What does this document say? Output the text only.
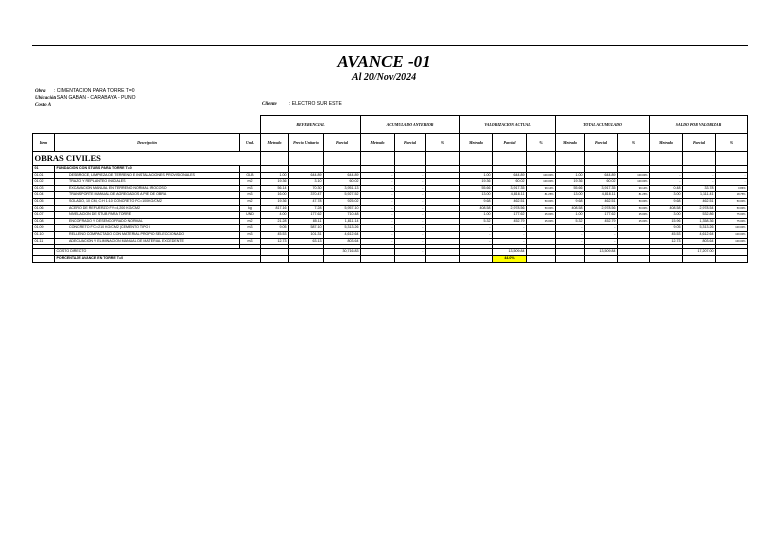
AVANCE -01
Al 20/Nov/2024
Obra : CIMENTACION PARA TORRE T=0
Ubicación: SAN GABAN - CARABAYA - PUNO
Costo A	Cliente : ELECTRO SUR ESTE
			REFERENCIAL			ACUMULADO ANTERIOR			VALORIZACION ACTUAL			TOTAL ACUMULADO			SALDO POR VALORIZAR		
Item	Descripción	Und.	Metrado	Precio Unitario	Parcial	Metrado	Parcial	%	Metrado	Parcial	%	Metrado	Parcial	%	Metrado	Parcial	%
OBRAS CIVILES																	
01	FUNDACIÓN CON STUBS PARA TORRE T=0																
01.01	DESBROCE, LIMPIEZA DE TERRENO E INSTALACIONES PROVISIONALES	GLB	1.00	644.89	644.89	-	-		1.00	644.89	100.00%	1.00	644.89	100.00%	-	-	-
01.02	TRAZO Y REPLANTEO INICIALES	m2	19.36	3.10	60.02	-	-		19.36	60.02	100.00%	19.36	60.02	100.00%	-	-	-
01.03	EXCAVACION MANUAL EN TERRENO NORMAL IROCOSO	m3	56.14	70.30	3,951.13	-	-		55.66	3,917.35	99.14%	55.66	3,917.35	99.14%	0.48	33.78	0.86%
01.04	TRANSPORTE MANUAL DE AGREGADOS A PIE DE OBRA	m3	16.00	370.47	5,927.52	-	-		13.00	4,816.11	81.25%	13.00	4,816.11	81.25%	3.00	1,111.41	18.75%
01.05	SOLADO, 10 CM, C:H 1:10 CONCRETO FC=100KG/CM2	m2	19.36	47.78	925.02	-	-		9.68	462.51	50.00%	9.68	462.51	50.00%	9.68	462.51	50.00%
01.06	ACERO DE REFUERZO FY=4,200 KG/CM2	kg	817.16	7.28	5,957.10	-	-		408.58	2,978.56	50.00%	408.58	2,978.56	50.00%	408.58	2,978.54	50.00%
01.07	NIVELACION DE STUB PARA TORRE	UND	4.00	177.62	710.48	-	-		1.00	177.62	25.00%	1.00	177.62	25.00%	3.00	532.86	75.00%
01.08	ENCOFRADO Y DESENCOFRADO NORMAL	m2	21.28	85.11	1,811.14	-	-		5.32	452.79	25.00%	5.32	452.79	25.00%	15.96	1,358.36	75.00%
01.09	CONCRETO F'C=210 KG/CM2 (CEMENTO TIPO I	m3	9.05	587.10	5,313.26	-	-		-	-		-	-		9.05	5,313.26	100.00%
01.10	RELLENO COMPACTADO CON MATERIAL PROPIO SELECCIONADO	m3	45.53	101.31	4,612.64	-	-		-	-		-	-		45.53	4,612.64	100.00%
01.11	ADECUACION Y ELIMINACION MANUAL DE MATERIAL EXCEDENTE	m3	12.73	63.13	803.64	-	-		-	-		-	-		12.73	803.64	100.00%

	COSTO DIRECTO				30,716.83		-			13,509.84			13,509.84			17,207.00	
	PORCENTAJE AVANCE EN TORRE T=0									44.0%							
